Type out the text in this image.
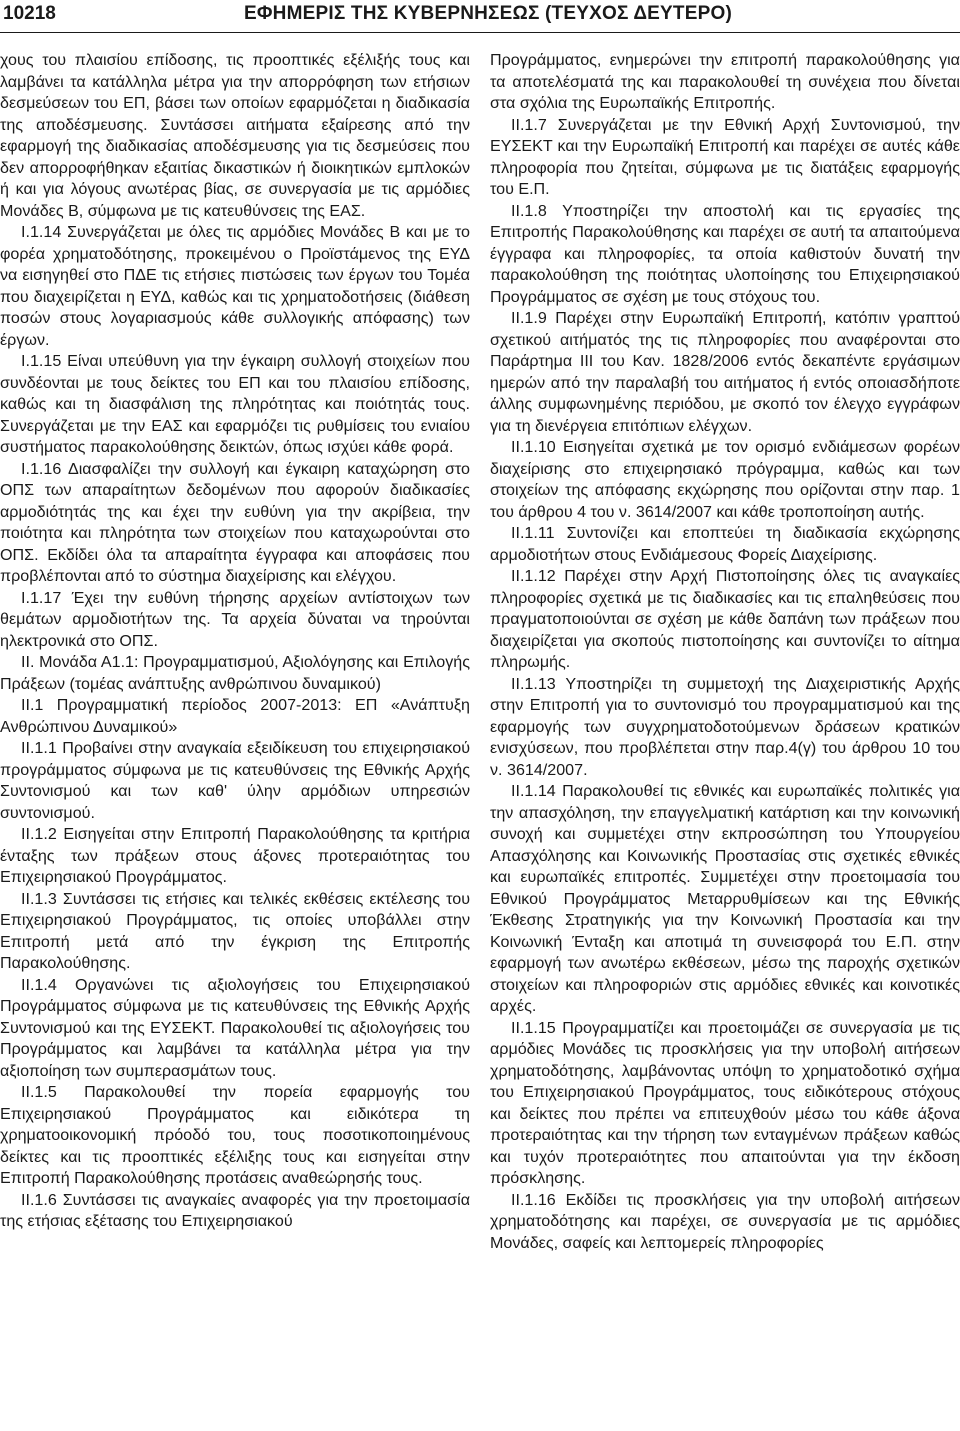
10218	ΕΦΗΜΕΡΙΣ ΤΗΣ ΚΥΒΕΡΝΗΣΕΩΣ (ΤΕΥΧΟΣ ΔΕΥΤΕΡΟ)

χους του πλαισίου επίδοσης, τις προοπτικές εξέλιξής τους και λαμβάνει τα κατάλληλα μέτρα για την απορρόφηση των ετήσιων δεσμεύσεων του ΕΠ, βάσει των οποίων εφαρμόζεται η διαδικασία της αποδέσμευσης. Συντάσσει αιτήματα εξαίρεσης από την εφαρμογή της διαδικασίας αποδέσμευσης για τις δεσμεύσεις που δεν απορροφήθηκαν εξαιτίας δικαστικών ή διοικητικών εμπλοκών ή και για λόγους ανωτέρας βίας, σε συνεργασία με τις αρμόδιες Μονάδες Β, σύμφωνα με τις κατευθύνσεις της ΕΑΣ.

Ι.1.14 Συνεργάζεται με όλες τις αρμόδιες Μονάδες Β και με το φορέα χρηματοδότησης, προκειμένου ο Προϊστάμενος της ΕΥΔ να εισηγηθεί στο ΠΔΕ τις ετήσιες πιστώσεις των έργων του Τομέα που διαχειρίζεται η ΕΥΔ, καθώς και τις χρηματοδοτήσεις (διάθεση ποσών στους λογαριασμούς κάθε συλλογικής απόφασης) των έργων.

Ι.1.15 Είναι υπεύθυνη για την έγκαιρη συλλογή στοιχείων που συνδέονται με τους δείκτες του ΕΠ και του πλαισίου επίδοσης, καθώς και τη διασφάλιση της πληρότητας και ποιότητάς τους. Συνεργάζεται με την ΕΑΣ και εφαρμόζει τις ρυθμίσεις του ενιαίου συστήματος παρακολούθησης δεικτών, όπως ισχύει κάθε φορά.

Ι.1.16 Διασφαλίζει την συλλογή και έγκαιρη καταχώρηση στο ΟΠΣ των απαραίτητων δεδομένων που αφορούν διαδικασίες αρμοδιότητάς της και έχει την ευθύνη για την ακρίβεια, την ποιότητα και πληρότητα των στοιχείων που καταχωρούνται στο ΟΠΣ. Εκδίδει όλα τα απαραίτητα έγγραφα και αποφάσεις που προβλέπονται από το σύστημα διαχείρισης και ελέγχου.

Ι.1.17 Έχει την ευθύνη τήρησης αρχείων αντίστοιχων των θεμάτων αρμοδιοτήτων της. Τα αρχεία δύναται να τηρούνται ηλεκτρονικά στο ΟΠΣ.

ΙΙ. Μονάδα Α1.1: Προγραμματισμού, Αξιολόγησης και Επιλογής Πράξεων (τομέας ανάπτυξης ανθρώπινου δυναμικού)

ΙΙ.1 Προγραμματική περίοδος 2007-2013: ΕΠ «Ανάπτυξη Ανθρώπινου Δυναμικού»

ΙΙ.1.1 Προβαίνει στην αναγκαία εξειδίκευση του επιχειρησιακού προγράμματος σύμφωνα με τις κατευθύνσεις της Εθνικής Αρχής Συντονισμού και των καθ' ύλην αρμόδιων υπηρεσιών συντονισμού.

ΙΙ.1.2 Εισηγείται στην Επιτροπή Παρακολούθησης τα κριτήρια ένταξης των πράξεων στους άξονες προτεραιότητας του Επιχειρησιακού Προγράμματος.

ΙΙ.1.3 Συντάσσει τις ετήσιες και τελικές εκθέσεις εκτέλεσης του Επιχειρησιακού Προγράμματος, τις οποίες υποβάλλει στην Επιτροπή μετά από την έγκριση της Επιτροπής Παρακολούθησης.

ΙΙ.1.4 Οργανώνει τις αξιολογήσεις του Επιχειρησιακού Προγράμματος σύμφωνα με τις κατευθύνσεις της Εθνικής Αρχής Συντονισμού και της ΕΥΣΕΚΤ. Παρακολουθεί τις αξιολογήσεις του Προγράμματος και λαμβάνει τα κατάλληλα μέτρα για την αξιοποίηση των συμπερασμάτων τους.

ΙΙ.1.5 Παρακολουθεί την πορεία εφαρμογής του Επιχειρησιακού Προγράμματος και ειδικότερα τη χρηματοοικονομική πρόοδό του, τους ποσοτικοποιημένους δείκτες και τις προοπτικές εξέλιξης τους και εισηγείται στην Επιτροπή Παρακολούθησης προτάσεις αναθεώρησής τους.

ΙΙ.1.6 Συντάσσει τις αναγκαίες αναφορές για την προετοιμασία της ετήσιας εξέτασης του Επιχειρησιακού

Προγράμματος, ενημερώνει την επιτροπή παρακολούθησης για τα αποτελέσματά της και παρακολουθεί τη συνέχεια που δίνεται στα σχόλια της Ευρωπαϊκής Επιτροπής.

ΙΙ.1.7 Συνεργάζεται με την Εθνική Αρχή Συντονισμού, την ΕΥΣΕΚΤ και την Ευρωπαϊκή Επιτροπή και παρέχει σε αυτές κάθε πληροφορία που ζητείται, σύμφωνα με τις διατάξεις εφαρμογής του Ε.Π.

ΙΙ.1.8 Υποστηρίζει την αποστολή και τις εργασίες της Επιτροπής Παρακολούθησης και παρέχει σε αυτή τα απαιτούμενα έγγραφα και πληροφορίες, τα οποία καθιστούν δυνατή την παρακολούθηση της ποιότητας υλοποίησης του Επιχειρησιακού Προγράμματος σε σχέση με τους στόχους του.

ΙΙ.1.9 Παρέχει στην Ευρωπαϊκή Επιτροπή, κατόπιν γραπτού σχετικού αιτήματός της τις πληροφορίες που αναφέρονται στο Παράρτημα ΙΙΙ του Καν. 1828/2006 εντός δεκαπέντε εργάσιμων ημερών από την παραλαβή του αιτήματος ή εντός οποιασδήποτε άλλης συμφωνημένης περιόδου, με σκοπό τον έλεγχο εγγράφων για τη διενέργεια επιτόπιων ελέγχων.

ΙΙ.1.10 Εισηγείται σχετικά με τον ορισμό ενδιάμεσων φορέων διαχείρισης στο επιχειρησιακό πρόγραμμα, καθώς και των στοιχείων της απόφασης εκχώρησης που ορίζονται στην παρ. 1 του άρθρου 4 του ν. 3614/2007 και κάθε τροποποίηση αυτής.

ΙΙ.1.11 Συντονίζει και εποπτεύει τη διαδικασία εκχώρησης αρμοδιοτήτων στους Ενδιάμεσους Φορείς Διαχείρισης.

ΙΙ.1.12 Παρέχει στην Αρχή Πιστοποίησης όλες τις αναγκαίες πληροφορίες σχετικά με τις διαδικασίες και τις επαληθεύσεις που πραγματοποιούνται σε σχέση με κάθε δαπάνη των πράξεων που διαχειρίζεται για σκοπούς πιστοποίησης και συντονίζει το αίτημα πληρωμής.

ΙΙ.1.13 Υποστηρίζει τη συμμετοχή της Διαχειριστικής Αρχής στην Επιτροπή για το συντονισμό του προγραμματισμού και της εφαρμογής των συγχρηματοδοτούμενων δράσεων κρατικών ενισχύσεων, που προβλέπεται στην παρ.4(γ) του άρθρου 10 του ν. 3614/2007.

ΙΙ.1.14 Παρακολουθεί τις εθνικές και ευρωπαϊκές πολιτικές για την απασχόληση, την επαγγελματική κατάρτιση και την κοινωνική συνοχή και συμμετέχει στην εκπροσώπηση του Υπουργείου Απασχόλησης και Κοινωνικής Προστασίας στις σχετικές εθνικές και ευρωπαϊκές επιτροπές. Συμμετέχει στην προετοιμασία του Εθνικού Προγράμματος Μεταρρυθμίσεων και της Εθνικής Έκθεσης Στρατηγικής για την Κοινωνική Προστασία και την Κοινωνική Ένταξη και αποτιμά τη συνεισφορά του Ε.Π. στην εφαρμογή των ανωτέρω εκθέσεων, μέσω της παροχής σχετικών στοιχείων και πληροφοριών στις αρμόδιες εθνικές και κοινοτικές αρχές.

ΙΙ.1.15 Προγραμματίζει και προετοιμάζει σε συνεργασία με τις αρμόδιες Μονάδες τις προσκλήσεις για την υποβολή αιτήσεων χρηματοδότησης, λαμβάνοντας υπόψη το χρηματοδοτικό σχήμα του Επιχειρησιακού Προγράμματος, τους ειδικότερους στόχους και δείκτες που πρέπει να επιτευχθούν μέσω του κάθε άξονα προτεραιότητας και την τήρηση των ενταγμένων πράξεων καθώς και τυχόν προτεραιότητες που απαιτούνται για την έκδοση πρόσκλησης.

ΙΙ.1.16 Εκδίδει τις προσκλήσεις για την υποβολή αιτήσεων χρηματοδότησης και παρέχει, σε συνεργασία με τις αρμόδιες Μονάδες, σαφείς και λεπτομερείς πληροφορίες
